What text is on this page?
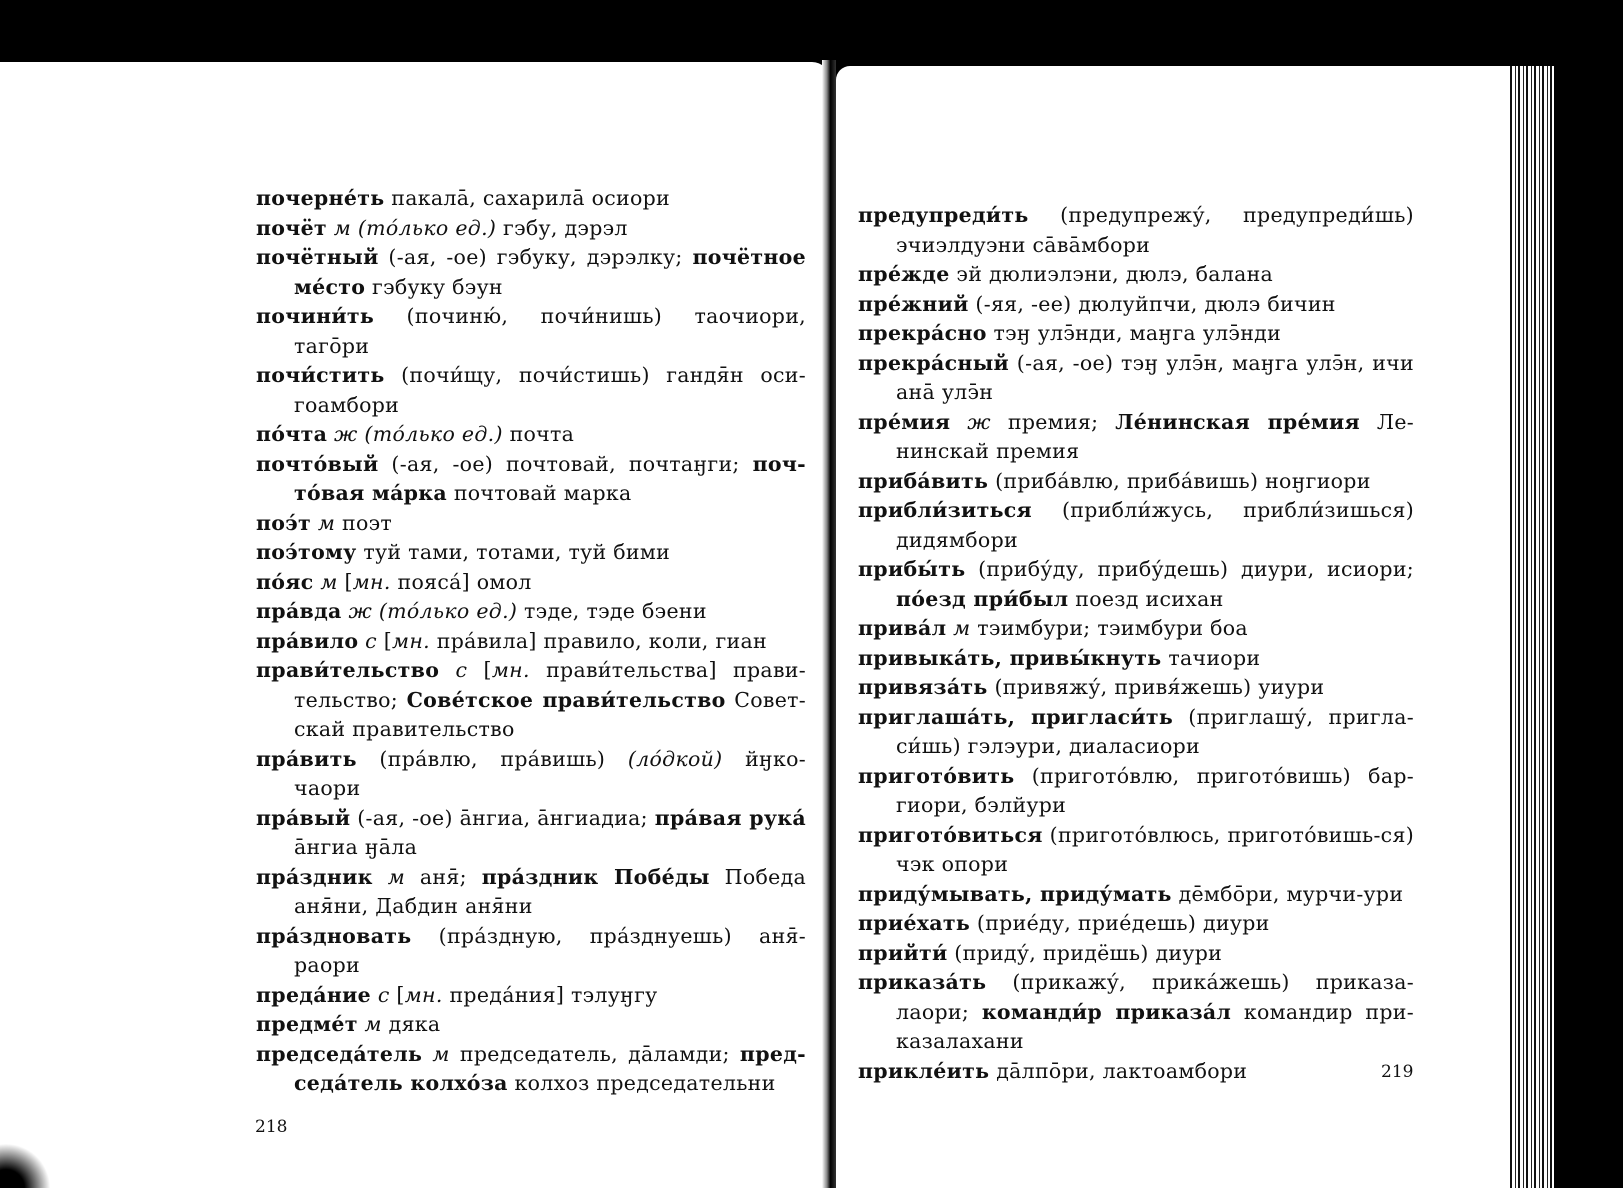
почерне́ть пакалā, сахарилā осиори

почёт м (то́лько ед.) гэбу, дэрэл

почётный (-ая, -ое) гэбуку, дэрэлку; почётное ме́сто гэбуку бэун

почини́ть (починю́, почи́нишь) таочиори, тагōри

почи́стить (почи́щу, почи́стишь) гандя̄н оси-гоамбори

по́чта ж (то́лько ед.) почта

почто́вый (-ая, -ое) почтовай, почтаӈги; поч-то́вая ма́рка почтовай марка

поэ́т м поэт

поэ́тому туй тами, тотами, туй бими

по́яс м [мн. пояса́] омол

пра́вда ж (то́лько ед.) тэде, тэде бэени

пра́вило с [мн. пра́вила] правило, коли, гиан

прави́тельство с [мн. прави́тельства] прави-тельство; Сове́тское прави́тельство Совет-скай правительство

пра́вить (пра́влю, пра́вишь) (ло́дкой) йӈко-чаори

пра́вый (-ая, -ое) āнгиа, āнгиадиа; пра́вая рука́ āнгиа ӈāла

пра́здник м аня̄; пра́здник Побе́ды Победа аня̄ни, Дабдин аня̄ни

пра́здновать (пра́здную, пра́зднуешь) аня̄-раори

преда́ние с [мн. преда́ния] тэлуӈгу

предме́т м дяка

председа́тель м председатель, дāламди; пред-седа́тель колхо́за колхоз председательни

218

предупреди́ть (предупрежу́, предупреди́шь) эчиэлдуэни сāвāмбори

пре́жде эй дюлиэлэни, дюлэ, балана

пре́жний (-яя, -ее) дюлуйпчи, дюлэ бичин

прекра́сно тэӈ улэ̄нди, маӈга улэ̄нди

прекра́сный (-ая, -ое) тэӈ улэ̄н, маӈга улэ̄н, ичи анā улэ̄н

пре́мия ж премия; Ле́нинская пре́мия Ле-нинскай премия

приба́вить (приба́влю, приба́вишь) ноӈгиори

прибли́зиться (прибли́жусь, прибли́зишься) дидямбори

прибы́ть (прибу́ду, прибу́дешь) диури, исиори; по́езд при́был поезд исихан

прива́л м тэимбури; тэимбури боа

привыка́ть, привы́кнуть тачиори

привяза́ть (привяжу́, привя́жешь) уиури

приглаша́ть, пригласи́ть (приглашу́, пригла-си́шь) гэлэури, диаласиори

пригото́вить (пригото́влю, пригото́вишь) бар-гиори, бэлйури

пригото́виться (пригото́влюсь, пригото́вишь-ся) чэк опори

приду́мывать, приду́мать дēмбōри, мурчи-ури

прие́хать (прие́ду, прие́дешь) диури

прийти́ (приду́, придёшь) диури

приказа́ть (прикажу́, прика́жешь) приказа-лаори; команди́р приказа́л командир при-казалахани

прикле́ить дāлпōри, лактоамбори	219
